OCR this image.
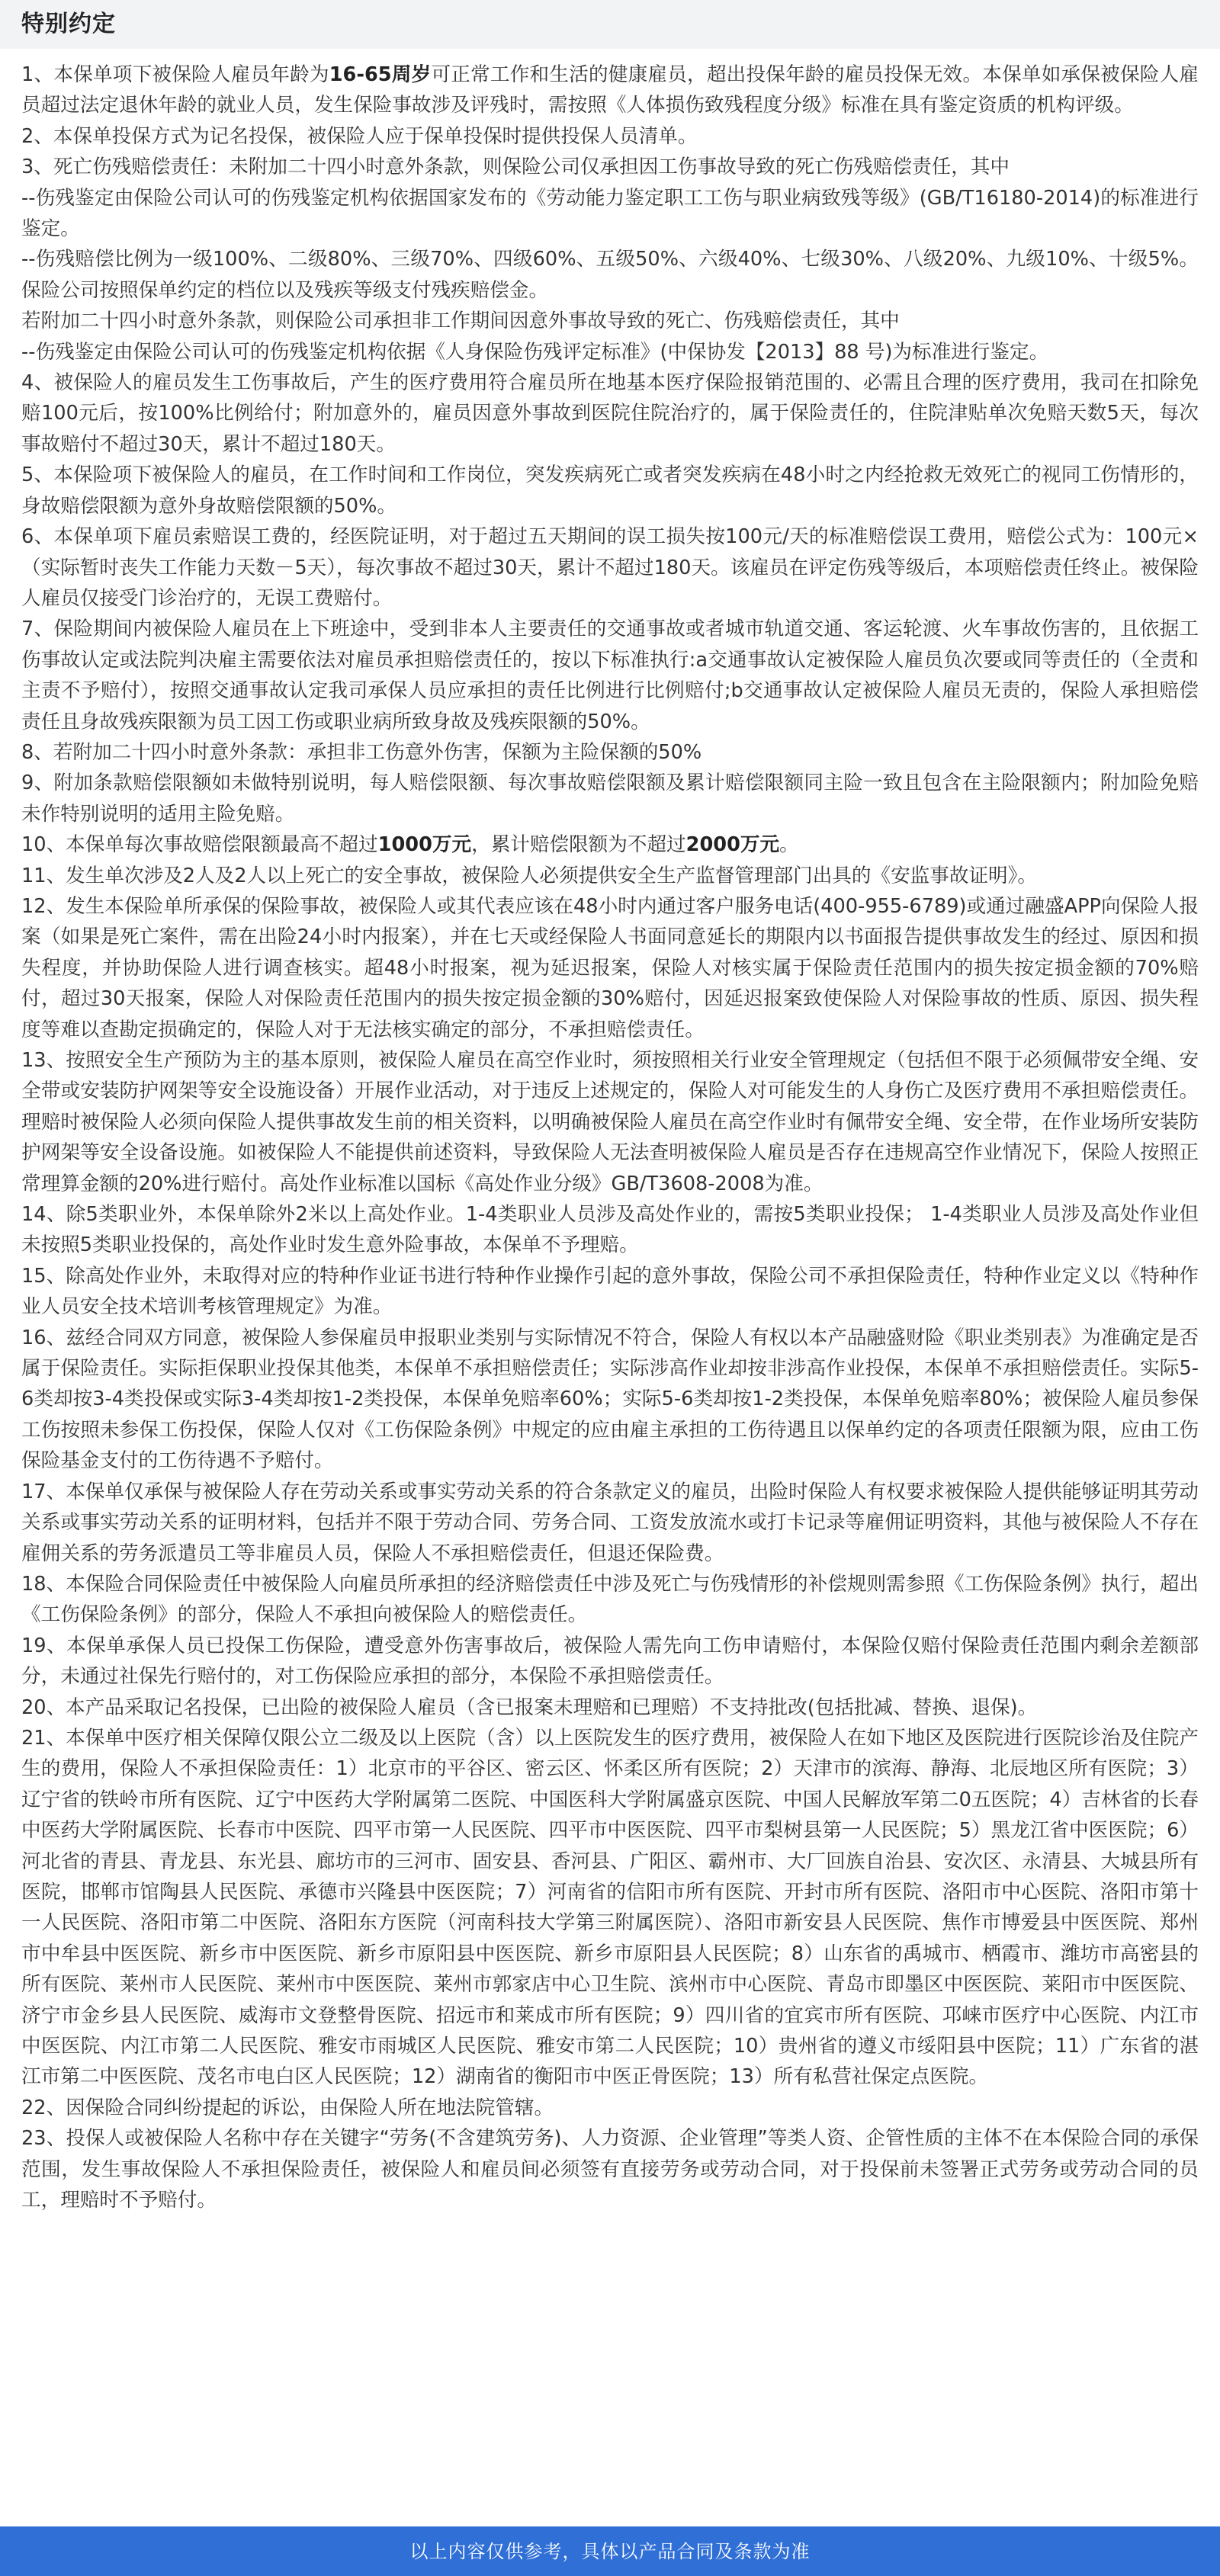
特别约定

1、本保单项下被保险人雇员年龄为16-65周岁可正常工作和生活的健康雇员，超出投保年龄的雇员投保无效。本保单如承保被保险人雇员超过法定退休年龄的就业人员，发生保险事故涉及评残时，需按照《人体损伤致残程度分级》标准在具有鉴定资质的机构评级。

2、本保单投保方式为记名投保，被保险人应于保单投保时提供投保人员清单。

3、死亡伤残赔偿责任：未附加二十四小时意外条款，则保险公司仅承担因工伤事故导致的死亡伤残赔偿责任，其中

--伤残鉴定由保险公司认可的伤残鉴定机构依据国家发布的《劳动能力鉴定职工工伤与职业病致残等级》(GB/T16180-2014)的标准进行鉴定。

--伤残赔偿比例为一级100%、二级80%、三级70%、四级60%、五级50%、六级40%、七级30%、八级20%、九级10%、十级5%。保险公司按照保单约定的档位以及残疾等级支付残疾赔偿金。

若附加二十四小时意外条款，则保险公司承担非工作期间因意外事故导致的死亡、伤残赔偿责任，其中

--伤残鉴定由保险公司认可的伤残鉴定机构依据《人身保险伤残评定标准》(中保协发【2013】88 号)为标准进行鉴定。

4、被保险人的雇员发生工伤事故后，产生的医疗费用符合雇员所在地基本医疗保险报销范围的、必需且合理的医疗费用，我司在扣除免赔100元后，按100%比例给付；附加意外的，雇员因意外事故到医院住院治疗的，属于保险责任的，住院津贴单次免赔天数5天，每次事故赔付不超过30天，累计不超过180天。

5、本保险项下被保险人的雇员，在工作时间和工作岗位，突发疾病死亡或者突发疾病在48小时之内经抢救无效死亡的视同工伤情形的，身故赔偿限额为意外身故赔偿限额的50%。

6、本保单项下雇员索赔误工费的，经医院证明，对于超过五天期间的误工损失按100元/天的标准赔偿误工费用，赔偿公式为：100元×（实际暂时丧失工作能力天数－5天），每次事故不超过30天，累计不超过180天。该雇员在评定伤残等级后，本项赔偿责任终止。被保险人雇员仅接受门诊治疗的，无误工费赔付。

7、保险期间内被保险人雇员在上下班途中，受到非本人主要责任的交通事故或者城市轨道交通、客运轮渡、火车事故伤害的，且依据工伤事故认定或法院判决雇主需要依法对雇员承担赔偿责任的，按以下标准执行:a交通事故认定被保险人雇员负次要或同等责任的（全责和主责不予赔付），按照交通事故认定我司承保人员应承担的责任比例进行比例赔付;b交通事故认定被保险人雇员无责的，保险人承担赔偿责任且身故残疾限额为员工因工伤或职业病所致身故及残疾限额的50%。

8、若附加二十四小时意外条款：承担非工伤意外伤害，保额为主险保额的50%

9、附加条款赔偿限额如未做特别说明，每人赔偿限额、每次事故赔偿限额及累计赔偿限额同主险一致且包含在主险限额内；附加险免赔未作特别说明的适用主险免赔。

10、本保单每次事故赔偿限额最高不超过1000万元，累计赔偿限额为不超过2000万元。

11、发生单次涉及2人及2人以上死亡的安全事故，被保险人必须提供安全生产监督管理部门出具的《安监事故证明》。

12、发生本保险单所承保的保险事故，被保险人或其代表应该在48小时内通过客户服务电话(400-955-6789)或通过融盛APP向保险人报案（如果是死亡案件，需在出险24小时内报案），并在七天或经保险人书面同意延长的期限内以书面报告提供事故发生的经过、原因和损失程度，并协助保险人进行调查核实。超48小时报案，视为延迟报案，保险人对核实属于保险责任范围内的损失按定损金额的70%赔付，超过30天报案，保险人对保险责任范围内的损失按定损金额的30%赔付，因延迟报案致使保险人对保险事故的性质、原因、损失程度等难以查勘定损确定的，保险人对于无法核实确定的部分，不承担赔偿责任。

13、按照安全生产预防为主的基本原则，被保险人雇员在高空作业时，须按照相关行业安全管理规定（包括但不限于必须佩带安全绳、安全带或安装防护网架等安全设施设备）开展作业活动，对于违反上述规定的，保险人对可能发生的人身伤亡及医疗费用不承担赔偿责任。理赔时被保险人必须向保险人提供事故发生前的相关资料，以明确被保险人雇员在高空作业时有佩带安全绳、安全带，在作业场所安装防护网架等安全设备设施。如被保险人不能提供前述资料，导致保险人无法查明被保险人雇员是否存在违规高空作业情况下，保险人按照正常理算金额的20%进行赔付。高处作业标准以国标《高处作业分级》GB/T3608-2008为准。

14、除5类职业外，本保单除外2米以上高处作业。1-4类职业人员涉及高处作业的，需按5类职业投保； 1-4类职业人员涉及高处作业但未按照5类职业投保的，高处作业时发生意外险事故，本保单不予理赔。

15、除高处作业外，未取得对应的特种作业证书进行特种作业操作引起的意外事故，保险公司不承担保险责任，特种作业定义以《特种作业人员安全技术培训考核管理规定》为准。

16、兹经合同双方同意，被保险人参保雇员申报职业类别与实际情况不符合，保险人有权以本产品融盛财险《职业类别表》为准确定是否属于保险责任。实际拒保职业投保其他类，本保单不承担赔偿责任；实际涉高作业却按非涉高作业投保，本保单不承担赔偿责任。实际5-6类却按3-4类投保或实际3-4类却按1-2类投保，本保单免赔率60%；实际5-6类却按1-2类投保，本保单免赔率80%；被保险人雇员参保工伤按照未参保工伤投保，保险人仅对《工伤保险条例》中规定的应由雇主承担的工伤待遇且以保单约定的各项责任限额为限，应由工伤保险基金支付的工伤待遇不予赔付。

17、本保单仅承保与被保险人存在劳动关系或事实劳动关系的符合条款定义的雇员，出险时保险人有权要求被保险人提供能够证明其劳动关系或事实劳动关系的证明材料，包括并不限于劳动合同、劳务合同、工资发放流水或打卡记录等雇佣证明资料，其他与被保险人不存在雇佣关系的劳务派遣员工等非雇员人员，保险人不承担赔偿责任，但退还保险费。

18、本保险合同保险责任中被保险人向雇员所承担的经济赔偿责任中涉及死亡与伤残情形的补偿规则需参照《工伤保险条例》执行，超出《工伤保险条例》的部分，保险人不承担向被保险人的赔偿责任。

19、本保单承保人员已投保工伤保险，遭受意外伤害事故后，被保险人需先向工伤申请赔付，本保险仅赔付保险责任范围内剩余差额部分，未通过社保先行赔付的，对工伤保险应承担的部分，本保险不承担赔偿责任。

20、本产品采取记名投保，已出险的被保险人雇员（含已报案未理赔和已理赔）不支持批改(包括批减、替换、退保)。

21、本保单中医疗相关保障仅限公立二级及以上医院（含）以上医院发生的医疗费用，被保险人在如下地区及医院进行医院诊治及住院产生的费用，保险人不承担保险责任：1）北京市的平谷区、密云区、怀柔区所有医院；2）天津市的滨海、静海、北辰地区所有医院；3）辽宁省的铁岭市所有医院、辽宁中医药大学附属第二医院、中国医科大学附属盛京医院、中国人民解放军第二0五医院；4）吉林省的长春中医药大学附属医院、长春市中医院、四平市第一人民医院、四平市中医医院、四平市梨树县第一人民医院；5）黑龙江省中医医院；6）河北省的青县、青龙县、东光县、廊坊市的三河市、固安县、香河县、广阳区、霸州市、大厂回族自治县、安次区、永清县、大城县所有医院，邯郸市馆陶县人民医院、承德市兴隆县中医医院；7）河南省的信阳市所有医院、开封市所有医院、洛阳市中心医院、洛阳市第十一人民医院、洛阳市第二中医院、洛阳东方医院（河南科技大学第三附属医院）、洛阳市新安县人民医院、焦作市博爱县中医医院、郑州市中牟县中医医院、新乡市中医医院、新乡市原阳县中医医院、新乡市原阳县人民医院；8）山东省的禹城市、栖霞市、潍坊市高密县的所有医院、莱州市人民医院、莱州市中医医院、莱州市郭家店中心卫生院、滨州市中心医院、青岛市即墨区中医医院、莱阳市中医医院、济宁市金乡县人民医院、威海市文登整骨医院、招远市和莱成市所有医院；9）四川省的宜宾市所有医院、邛崃市医疗中心医院、内江市中医医院、内江市第二人民医院、雅安市雨城区人民医院、雅安市第二人民医院；10）贵州省的遵义市绥阳县中医院；11）广东省的湛江市第二中医医院、茂名市电白区人民医院；12）湖南省的衡阳市中医正骨医院；13）所有私营社保定点医院。

22、因保险合同纠纷提起的诉讼，由保险人所在地法院管辖。

23、投保人或被保险人名称中存在关键字“劳务(不含建筑劳务)、人力资源、企业管理”等类人资、企管性质的主体不在本保险合同的承保范围，发生事故保险人不承担保险责任，被保险人和雇员间必须签有直接劳务或劳动合同，对于投保前未签署正式劳务或劳动合同的员工，理赔时不予赔付。

以上内容仅供参考，具体以产品合同及条款为准
